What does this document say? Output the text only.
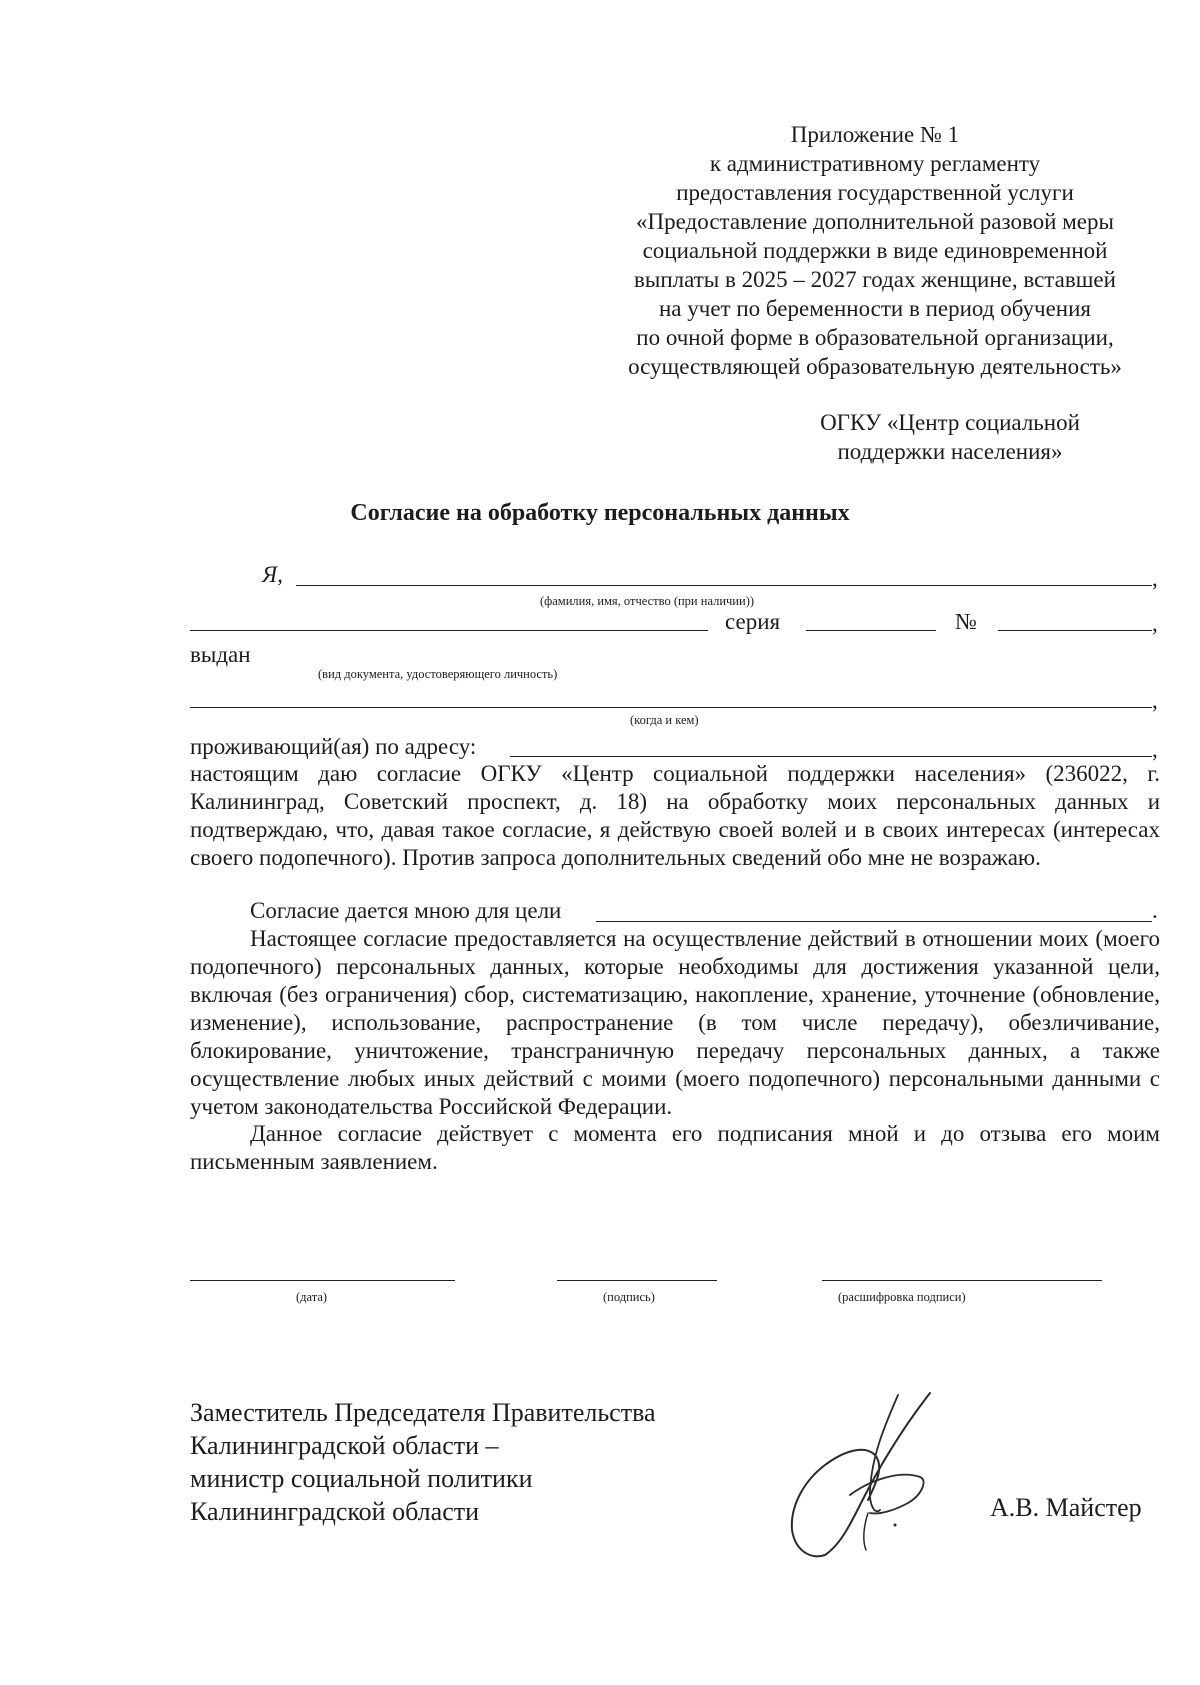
Приложение № 1
к административному регламенту
предоставления государственной услуги
«Предоставление дополнительной разовой меры
социальной поддержки в виде единовременной
выплаты в 2025 – 2027 годах женщине, вставшей
на учет по беременности в период обучения
по очной форме в образовательной организации,
осуществляющей образовательную деятельность»
ОГКУ «Центр социальной
поддержки населения»
Согласие на обработку персональных данных
Я,	,
(фамилия, имя, отчество (при наличии))
серия	№	,
выдан
(вид документа, удостоверяющего личность)
,
(когда и кем)
проживающий(ая) по адресу:	,
настоящим даю согласие ОГКУ «Центр социальной поддержки населения» (236022, г. Калининград, Советский проспект, д. 18) на обработку моих персональных данных и подтверждаю, что, давая такое согласие, я действую своей волей и в своих интересах (интересах своего подопечного). Против запроса дополнительных сведений обо мне не возражаю.
Согласие дается мною для цели	.
Настоящее согласие предоставляется на осуществление действий в отношении моих (моего подопечного) персональных данных, которые необходимы для достижения указанной цели, включая (без ограничения) сбор, систематизацию, накопление, хранение, уточнение (обновление, изменение), использование, распространение (в том числе передачу), обезличивание, блокирование, уничтожение, трансграничную передачу персональных данных, а также осуществление любых иных действий с моими (моего подопечного) персональными данными с учетом законодательства Российской Федерации.
Данное согласие действует с момента его подписания мной и до отзыва его моим письменным заявлением.
(дата)	(подпись)	(расшифровка подписи)
Заместитель Председателя Правительства
Калининградской области –
министр социальной политики
Калининградской области	А.В. Майстер
